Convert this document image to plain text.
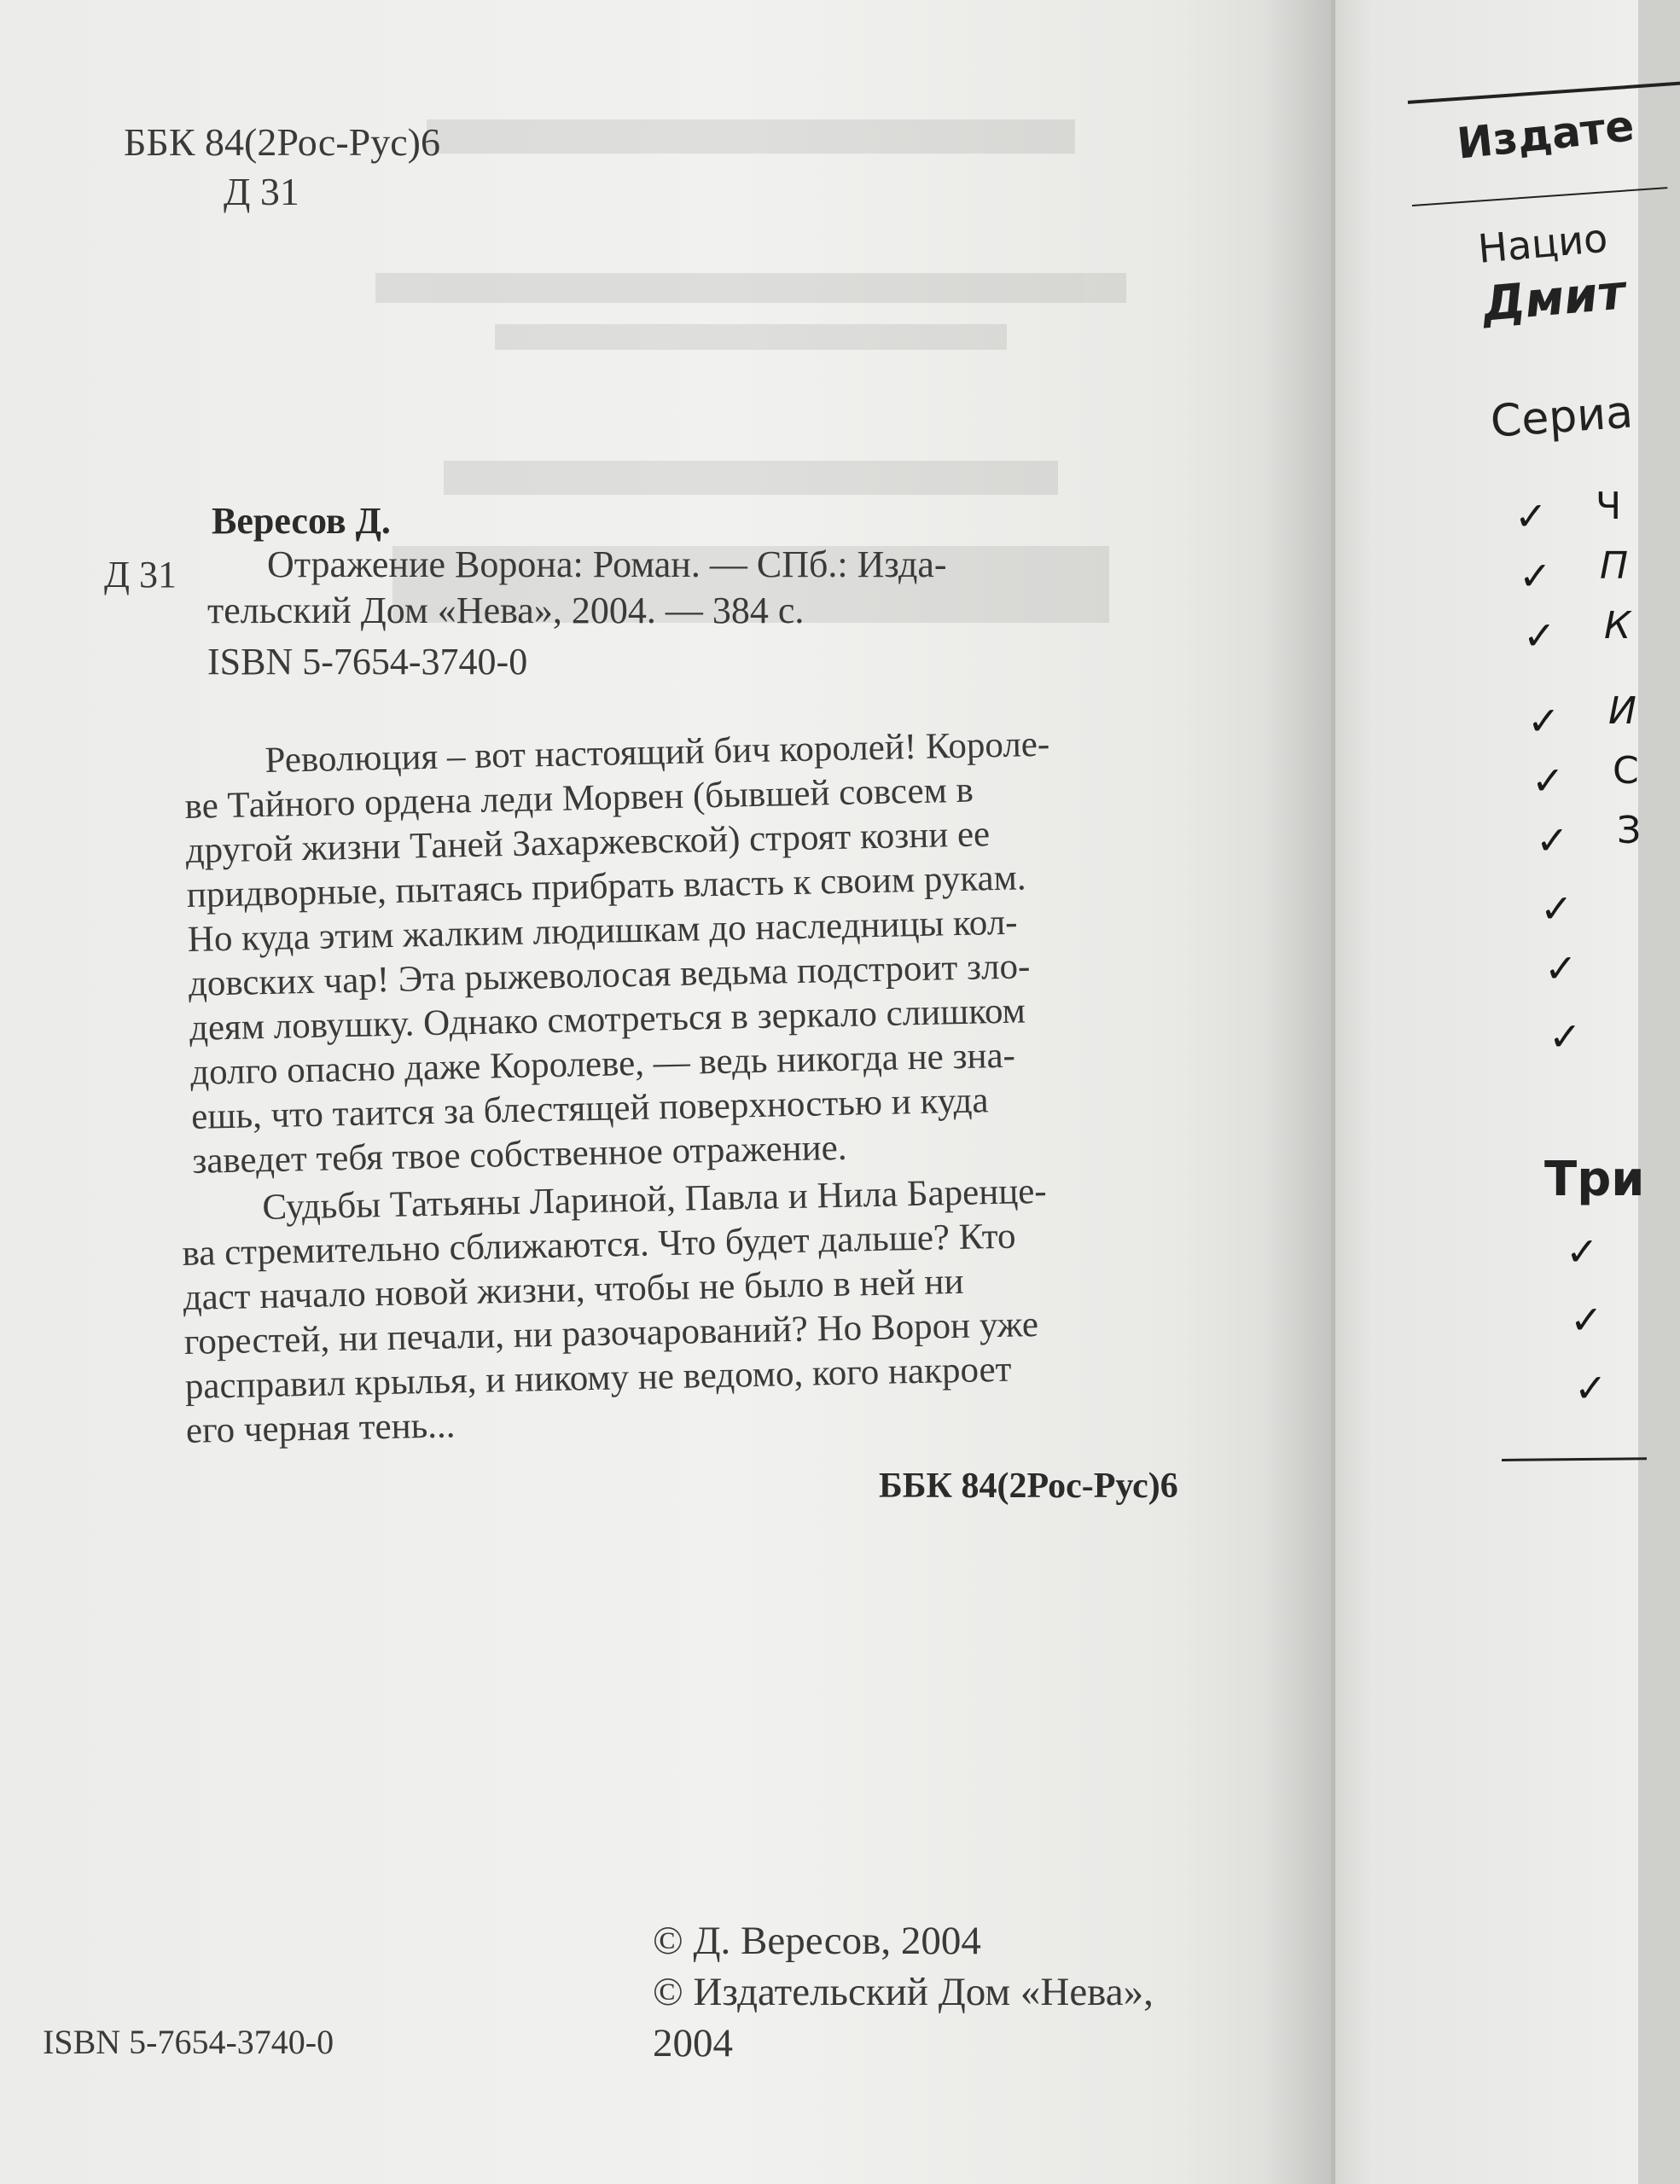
ББК 84(2Рос-Рус)6
Д 31
Вересов Д.
Д 31 Отражение Ворона: Роман. — СПб.: Изда-
тельский Дом «Нева», 2004. — 384 с.
ISBN 5-7654-3740-0
Революция – вот настоящий бич королей! Короле-
ве Тайного ордена леди Морвен (бывшей совсем в
другой жизни Таней Захаржевской) строят козни ее
придворные, пытаясь прибрать власть к своим рукам.
Но куда этим жалким людишкам до наследницы кол-
довских чар! Эта рыжеволосая ведьма подстроит зло-
деям ловушку. Однако смотреться в зеркало слишком
долго опасно даже Королеве, — ведь никогда не зна-
ешь, что таится за блестящей поверхностью и куда
заведет тебя твое собственное отражение.
Судьбы Татьяны Лариной, Павла и Нила Баренце-
ва стремительно сближаются. Что будет дальше? Кто
даст начало новой жизни, чтобы не было в ней ни
горестей, ни печали, ни разочарований? Но Ворон уже
расправил крылья, и никому не ведомо, кого накроет
его черная тень...
ББК 84(2Рос-Рус)6
© Д. Вересов, 2004
© Издательский Дом «Нева»,
2004
ISBN 5-7654-3740-0
Издате
Нацио
Дмит
Сериа
✓ Ч
✓ П
✓ К
✓ И
✓ С
✓ З
✓
✓
✓
Три
✓
✓
✓
